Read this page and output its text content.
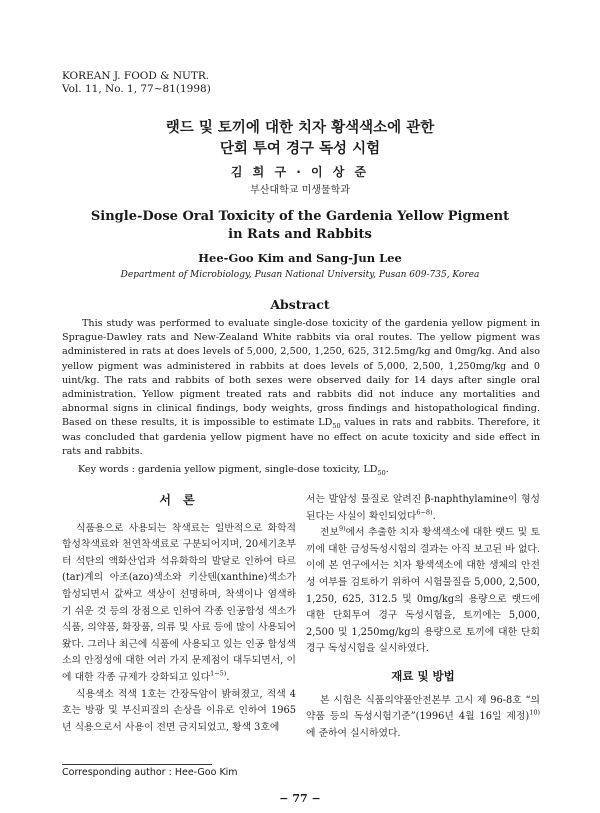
KOREAN J. FOOD & NUTR.
Vol. 11, No. 1, 77~81(1998)
랫드 및 토끼에 대한 치자 황색색소에 관한
단회 투여 경구 독성 시험
김 희 구 · 이 상 준
부산대학교 미생물학과
Single-Dose Oral Toxicity of the Gardenia Yellow Pigment
in Rats and Rabbits
Hee-Goo Kim and Sang-Jun Lee
Department of Microbiology, Pusan National University, Pusan 609-735, Korea
Abstract

This study was performed to evaluate single-dose toxicity of the gardenia yellow pigment in Sprague-Dawley rats and New-Zealand White rabbits via oral routes. The yellow pigment was administered in rats at does levels of 5,000, 2,500, 1,250, 625, 312.5mg/kg and 0mg/kg. And also yellow pigment was administered in rabbits at does levels of 5,000, 2,500, 1,250mg/kg and 0 uint/kg. The rats and rabbits of both sexes were observed daily for 14 days after single oral administration. Yellow pigment treated rats and rabbits did not induce any mortalities and abnormal signs in clinical findings, body weights, gross findings and histopathological finding. Based on these results, it is impossible to estimate $LD_{50}$ values in rats and rabbits. Therefore, it was concluded that gardenia yellow pigment have no effect on acute toxicity and side effect in rats and rabbits.

Key words : gardenia yellow pigment, single-dose toxicity, $LD_{50}$.
서 론

식품용으로 사용되는 착색료는 일반적으로 화학적 합성착색료와 천연착색료로 구분되어지며, 20세기초부터 석탄의 액화산업과 석유화학의 발달로 인하여 타르(tar)계의 아조(azo)색소와 키산텐(xanthine)색소가 합성되면서 값싸고 색상이 선명하며, 착색이나 염색하기 쉬운 것 등의 장점으로 인하여 각종 인공합성 색소가 식품, 의약품, 화장품, 의류 및 사료 등에 많이 사용되어 왔다. 그러나 최근에 식품에 사용되고 있는 인공 합성색소의 안정성에 대한 여러 가지 문제점이 대두되면서, 이에 대한 각종 규제가 강화되고 있다$^{1\sim 5)}$.

식용색소 적색 1호는 간장독암이 밝혀졌고, 적색 4호는 방광 및 부신피질의 손상을 이유로 인하여 1965년 식용으로서 사용이 전면 금지되었고, 황색 3호에

서는 발암성 물질로 알려진 β-naphthylamine이 형성된다는 사실이 확인되었다$^{6\sim 8)}$.

전보$^{9)}$에서 추출한 치자 황색색소에 대한 랫드 및 토끼에 대한 급성독성시험의 결과는 아직 보고된 바 없다. 이에 본 연구에서는 치자 황색색소에 대한 생체의 안전성 여부를 검토하기 위하여 시험물질을 5,000, 2,500, 1,250, 625, 312.5 및 0mg/kg의 용량으로 랫드에 대한 단회투여 경구 독성시험을, 토끼에는 5,000, 2,500 및 1,250mg/kg의 용량으로 토끼에 대한 단회 경구 독성시험을 실시하였다.

재료 및 방법

본 시험은 식품의약품안전본부 고시 제 96-8호 “의약품 등의 독성시험기준”(1996년 4월 16일 제정)$^{10)}$에 준하여 실시하였다.

Corresponding author : Hee-Goo Kim
− 77 −
